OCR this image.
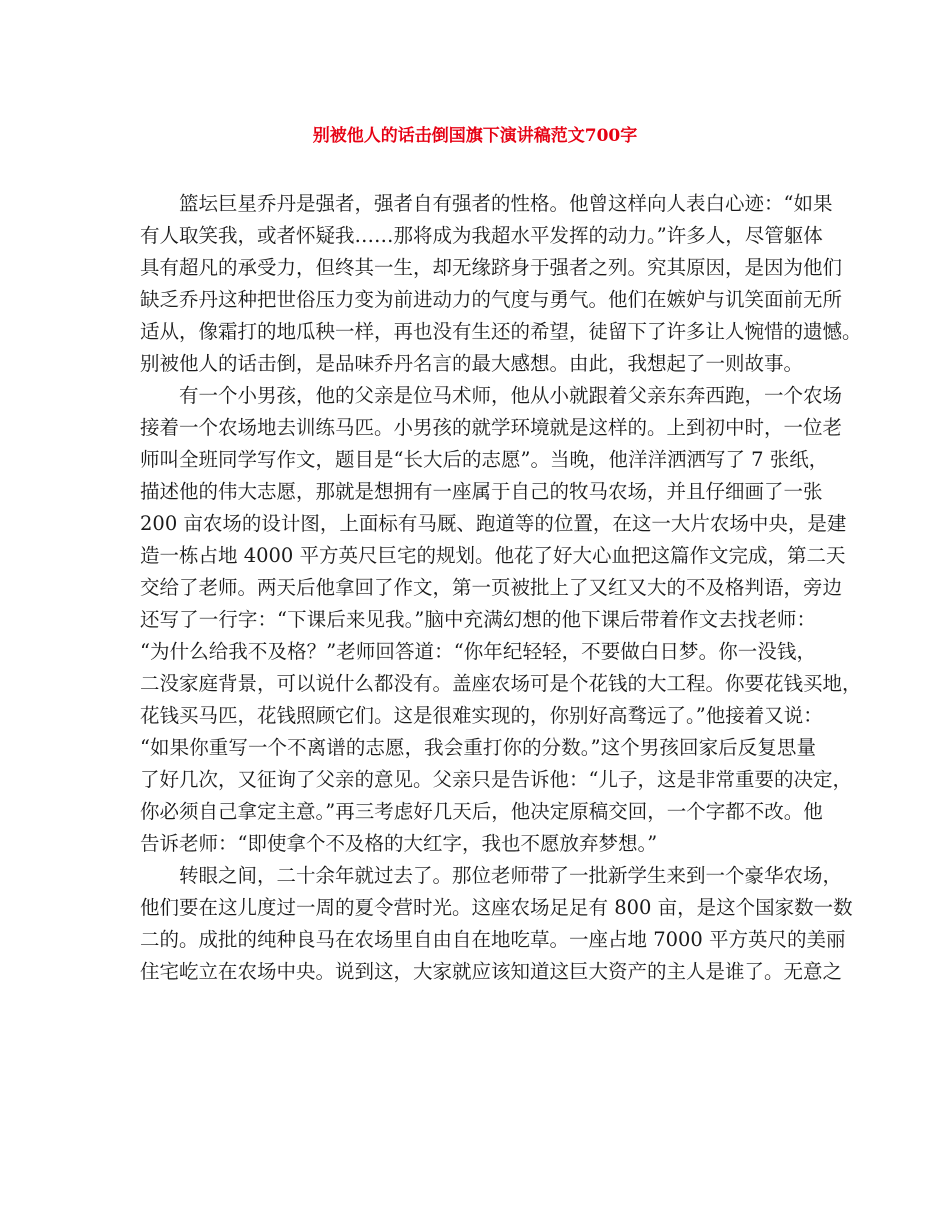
别被他人的话击倒国旗下演讲稿范文700字
篮坛巨星乔丹是强者，强者自有强者的性格。他曾这样向人表白心迹：“如果
有人取笑我，或者怀疑我……那将成为我超水平发挥的动力。”许多人，尽管躯体
具有超凡的承受力，但终其一生，却无缘跻身于强者之列。究其原因，是因为他们
缺乏乔丹这种把世俗压力变为前进动力的气度与勇气。他们在嫉妒与讥笑面前无所
适从，像霜打的地瓜秧一样，再也没有生还的希望，徒留下了许多让人惋惜的遗憾。
别被他人的话击倒，是品味乔丹名言的最大感想。由此，我想起了一则故事。
有一个小男孩，他的父亲是位马术师，他从小就跟着父亲东奔西跑，一个农场
接着一个农场地去训练马匹。小男孩的就学环境就是这样的。上到初中时，一位老
师叫全班同学写作文，题目是“长大后的志愿”。当晚，他洋洋洒洒写了 7 张纸，
描述他的伟大志愿，那就是想拥有一座属于自己的牧马农场，并且仔细画了一张
200 亩农场的设计图，上面标有马厩、跑道等的位置，在这一大片农场中央，是建
造一栋占地 4000 平方英尺巨宅的规划。他花了好大心血把这篇作文完成，第二天
交给了老师。两天后他拿回了作文，第一页被批上了又红又大的不及格判语，旁边
还写了一行字：“下课后来见我。”脑中充满幻想的他下课后带着作文去找老师：
“为什么给我不及格？”老师回答道：“你年纪轻轻，不要做白日梦。你一没钱，
二没家庭背景，可以说什么都没有。盖座农场可是个花钱的大工程。你要花钱买地，
花钱买马匹，花钱照顾它们。这是很难实现的，你别好高骛远了。”他接着又说：
“如果你重写一个不离谱的志愿，我会重打你的分数。”这个男孩回家后反复思量
了好几次，又征询了父亲的意见。父亲只是告诉他：“儿子，这是非常重要的决定，
你必须自己拿定主意。”再三考虑好几天后，他决定原稿交回，一个字都不改。他
告诉老师：“即使拿个不及格的大红字，我也不愿放弃梦想。”
转眼之间，二十余年就过去了。那位老师带了一批新学生来到一个豪华农场，
他们要在这儿度过一周的夏令营时光。这座农场足足有 800 亩，是这个国家数一数
二的。成批的纯种良马在农场里自由自在地吃草。一座占地 7000 平方英尺的美丽
住宅屹立在农场中央。说到这，大家就应该知道这巨大资产的主人是谁了。无意之
